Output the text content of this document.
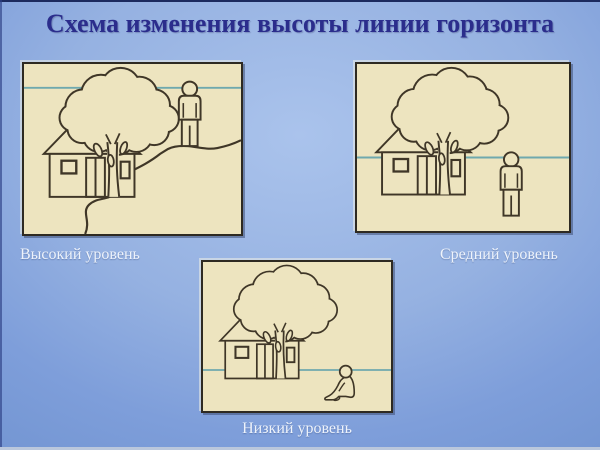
Схема изменения высоты линии горизонта
Высокий уровень	Средний уровень
Низкий уровень
